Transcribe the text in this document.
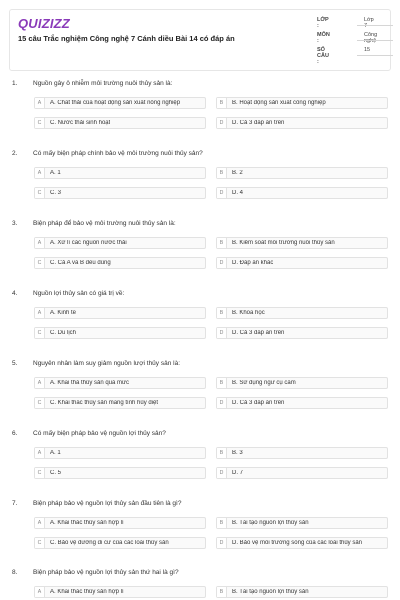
QUIZIZZ
15 câu Trắc nghiệm Công nghệ 7 Cánh diều Bài 14 có đáp án
LỚP :
Lớp 7
MÔN :
Công nghệ
SỐ CÂU :
15
1. Nguồn gây ô nhiễm môi trường nuôi thủy sản là:
A	A. Chất thải của hoạt động sản xuất nông nghiệp	B	B. Hoạt động sản xuất công nghiệp
C	C. Nước thải sinh hoạt	D	D. Cả 3 đáp án trên
2. Có mấy biện pháp chính bảo vệ môi trường nuôi thủy sản?
A	A. 1	B	B. 2
C	C. 3	D	D. 4
3. Biện pháp để bảo vệ môi trường nuôi thủy sản là:
A	A. Xử lí các nguồn nước thải	B	B. Kiểm soát môi trường nuôi thủy sản
C	C. Cả A và B đều đúng	D	D. Đáp án khác
4. Nguồn lợi thủy sản có giá trị về:
A	A. Kinh tế	B	B. Khoa học
C	C. Du lịch	D	D. Cả 3 đáp án trên
5. Nguyên nhân làm suy giảm nguồn lượi thủy sản là:
A	A. Khai thá thủy sản quá mức	B	B. Sử dụng ngư cụ cấm
C	C. Khai thác thủy sản mang tính hủy diệt	D	D. Cả 3 đáp án trên
6. Có mấy biện pháp bảo vệ nguồn lợi thủy sản?
A	A. 1	B	B. 3
C	C. 5	D	D. 7
7. Biện pháp bảo vệ nguồn lợi thủy sản đầu tiên là gì?
A	A. Khai thác thủy sản hợp lí	B	B. Tái tạo nguồn lợi thủy sản
C	C. Bảo vệ đường di cư của các loài thủy sản	D	D. Bảo vệ môi trường sống của các loài thủy sản
8. Biện pháp bảo vệ nguồn lợi thủy sản thứ hai là gì?
A	A. Khai thác thủy sản hợp lí	B	B. Tái tạo nguồn lợi thủy sản
